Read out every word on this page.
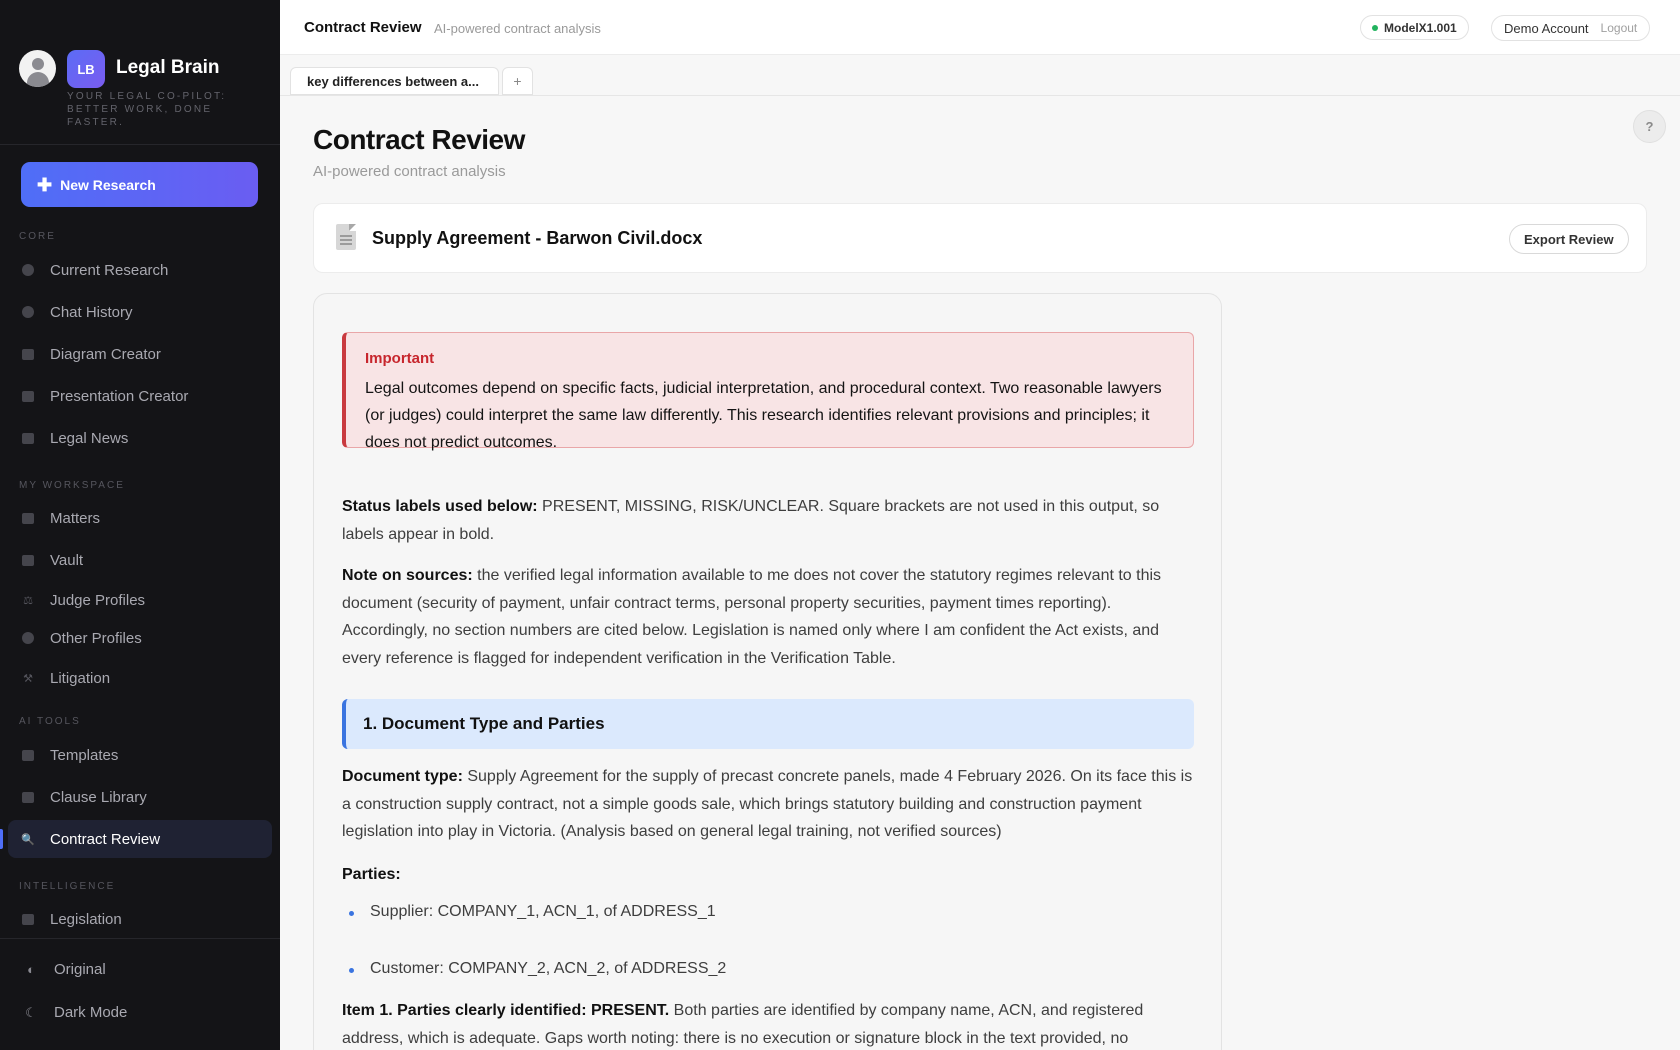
LB	Legal Brain
YOUR LEGAL CO-PILOT: BETTER WORK, DONE FASTER.
✚ New Research
CORE
Current Research
Chat History
Diagram Creator
Presentation Creator
Legal News
MY WORKSPACE
Matters
Vault
⚖ Judge Profiles
Other Profiles
⚒ Litigation
AI TOOLS
Templates
Clause Library
🔍 Contract Review
INTELLIGENCE
Legislation
◐	Original
☾ Dark Mode
Contract Review AI-powered contract analysis	ModelX1.001	Demo Account Logout
key differences between a...	+
?
Contract Review
AI-powered contract analysis
Supply Agreement - Barwon Civil.docx	Export Review
Important
Legal outcomes depend on specific facts, judicial interpretation, and procedural context. Two reasonable lawyers (or judges) could interpret the same law differently. This research identifies relevant provisions and principles; it does not predict outcomes.

Status labels used below: PRESENT, MISSING, RISK/UNCLEAR. Square brackets are not used in this output, so labels appear in bold.

Note on sources: the verified legal information available to me does not cover the statutory regimes relevant to this document (security of payment, unfair contract terms, personal property securities, payment times reporting). Accordingly, no section numbers are cited below. Legislation is named only where I am confident the Act exists, and every reference is flagged for independent verification in the Verification Table.

1. Document Type and Parties

Document type: Supply Agreement for the supply of precast concrete panels, made 4 February 2026. On its face this is a construction supply contract, not a simple goods sale, which brings statutory building and construction payment legislation into play in Victoria. (Analysis based on general legal training, not verified sources)

Parties:

Supplier: COMPANY_1, ACN_1, of ADDRESS_1
Customer: COMPANY_2, ACN_2, of ADDRESS_2

Item 1. Parties clearly identified: PRESENT. Both parties are identified by company name, ACN, and registered address, which is adequate. Gaps worth noting: there is no execution or signature block in the text provided, no
